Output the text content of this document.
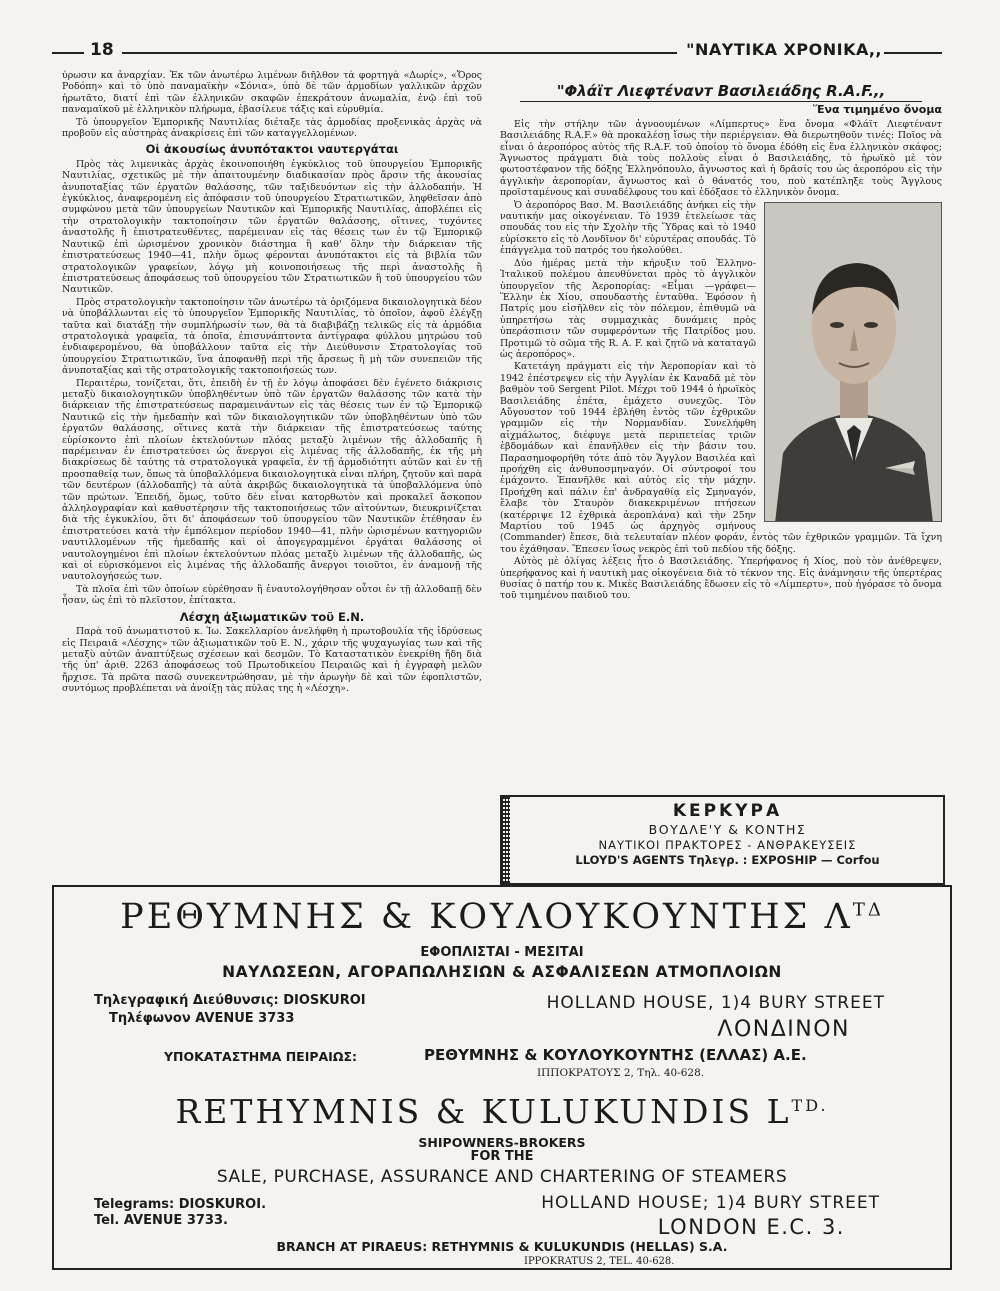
18	"ΝΑΥΤΙΚΑ ΧΡΟΝΙΚΑ,,

ύρωσιν κα ἀναρχίαν. Ἐκ τῶν ἀνωτέρω λιμένων διῆλθον τὰ φορτηγὰ «Δωρίς», «Ὄρος Ροδόπη» καὶ τὸ ὑπὸ παναμαϊκὴν «Σόνια», ὑπὸ δὲ τῶν ἁρμοδίων γαλλικῶν ἀρχῶν ἠρωτᾶτο, διατί ἐπὶ τῶν ἑλληνικῶν σκαφῶν ἐπεκράτουν ἀνωμαλία, ἐνῷ ἐπὶ τοῦ παναμαϊκοῦ μὲ ἑλληνικὸν πλήρωμα, ἐβασίλευε τάξις καὶ εὐρυθμία.

Τὸ ὑπουργεῖον Ἐμπορικῆς Ναυτιλίας διέταξε τὰς ἁρμοδίας προξενικὰς ἀρχὰς νὰ προβοῦν εἰς αὐστηρὰς ἀνακρίσεις ἐπὶ τῶν καταγγελλομένων.

Οἱ ἀκουσίως ἀνυπότακτοι ναυτεργάται

Πρὸς τὰς λιμενικὰς ἀρχὰς ἐκοινοποιήθη ἐγκύκλιος τοῦ ὑπουργείου Ἐμπορικῆς Ναυτιλίας, σχετικῶς μὲ τὴν ἀπαιτουμένην διαδικασίαν πρὸς ἄρσιν τῆς ἀκουσίας ἀνυποταξίας τῶν ἐργατῶν θαλάσσης, τῶν ταξιδευόντων εἰς τὴν ἀλλοδαπήν. Ἡ ἐγκύκλιος, ἀναφερομένη εἰς ἀπόφασιν τοῦ ὑπουργείου Στρατιωτικῶν, ληφθεῖσαν ἀπὸ συμφώνου μετὰ τῶν ὑπουργείων Ναυτικῶν καὶ Ἐμπορικῆς Ναυτιλίας, ἀποβλέπει εἰς τὴν στρατολογικὴν τακτοποίησιν τῶν ἐργατῶν θαλάσσης, οἵτινες, τυχόντες ἀναστολῆς ἢ ἐπιστρατευθέντες, παρέμειναν εἰς τὰς θέσεις των ἐν τῷ Ἐμπορικῷ Ναυτικῷ ἐπὶ ὡρισμένον χρονικὸν διάστημα ἢ καθ' ὅλην τὴν διάρκειαν τῆς ἐπιστρατεύσεως 1940—41, πλὴν ὅμως φέρονται ἀνυπότακτοι εἰς τὰ βιβλία τῶν στρατολογικῶν γραφείων, λόγῳ μὴ κοινοποιήσεως τῆς περὶ ἀναστολῆς ἢ ἐπιστρατεύσεως ἀποφάσεως τοῦ ὑπουργείου τῶν Στρατιωτικῶν ἢ τοῦ ὑπουργείου τῶν Ναυτικῶν.

Πρὸς στρατολογικὴν τακτοποίησιν τῶν ἀνωτέρω τὰ ὁριζόμενα δικαιολογητικὰ δέον νὰ ὑποβάλλωνται εἰς τὸ ὑπουργεῖον Ἐμπορικῆς Ναυτιλίας, τὸ ὁποῖον, ἀφοῦ ἐλέγξῃ ταῦτα καὶ διατάξῃ τὴν συμπλήρωσίν των, θὰ τὰ διαβιβάζῃ τελικῶς εἰς τὰ ἁρμόδια στρατολογικὰ γραφεῖα, τὰ ὁποῖα, ἐπισυνάπτοντα ἀντίγραφα φύλλου μητρώου τοῦ ἐνδιαφερομένου, θὰ ὑποβάλλουν ταῦτα εἰς τὴν Διεύθυνσιν Στρατολογίας τοῦ ὑπουργείου Στρατιωτικῶν, ἵνα ἀποφανθῇ περὶ τῆς ἄρσεως ἢ μὴ τῶν συνεπειῶν τῆς ἀνυποταξίας καὶ τῆς στρατολογικῆς τακτοποιήσεώς των.

Περαιτέρω, τονίζεται, ὅτι, ἐπειδὴ ἐν τῇ ἐν λόγῳ ἀποφάσει δὲν ἐγένετο διάκρισις μεταξὺ δικαιολογητικῶν ὑποβληθέντων ὑπὸ τῶν ἐργατῶν θαλάσσης τῶν κατὰ τὴν διάρκειαν τῆς ἐπιστρατεύσεως παραμεινάντων εἰς τὰς θέσεις των ἐν τῷ Ἐμπορικῷ Ναυτικῷ εἰς τὴν ἡμεδαπὴν καὶ τῶν δικαιολογητικῶν τῶν ὑποβληθέντων ὑπὸ τῶν ἐργατῶν θαλάσσης, οἵτινες κατὰ τὴν διάρκειαν τῆς ἐπιστρατεύσεως ταύτης εὑρίσκοντο ἐπὶ πλοίων ἐκτελούντων πλόας μεταξὺ λιμένων τῆς ἀλλοδαπῆς ἢ παρέμειναν ἐν ἐπιστρατεύσει ὡς ἄνεργοι εἰς λιμένας τῆς ἀλλοδαπῆς, ἐκ τῆς μὴ διακρίσεως δὲ ταύτης τὰ στρατολογικὰ γραφεῖα, ἐν τῇ ἁρμοδιότητι αὐτῶν καὶ ἐν τῇ προσπαθείᾳ των, ὅπως τὰ ὑποβαλλόμενα δικαιολογητικὰ εἶναι πλήρη, ζητοῦν καὶ παρὰ τῶν δευτέρων (ἀλλοδαπῆς) τὰ αὐτὰ ἀκριβῶς δικαιολογητικὰ τὰ ὑποβαλλόμενα ὑπὸ τῶν πρώτων. Ἐπειδή, ὅμως, τοῦτο δὲν εἶναι κατορθωτὸν καὶ προκαλεῖ ἄσκοπον ἀλληλογραφίαν καὶ καθυστέρησιν τῆς τακτοποιήσεως τῶν αἰτούντων, διευκρινίζεται διὰ τῆς ἐγκυκλίου, ὅτι δι' ἀποφάσεων τοῦ ὑπουργείου τῶν Ναυτικῶν ἐτέθησαν ἐν ἐπιστρατεύσει κατὰ τὴν ἐμπόλεμον περίοδον 1940—41, πλὴν ὡρισμένων κατηγοριῶν ναυτιλλομένων τῆς ἡμεδαπῆς καὶ οἱ ἀπογεγραμμένοι ἐργάται θαλάσσης οἱ ναυτολογημένοι ἐπὶ πλοίων ἐκτελούντων πλόας μεταξὺ λιμένων τῆς ἀλλοδαπῆς, ὡς καὶ οἱ εὑρισκόμενοι εἰς λιμένας τῆς ἀλλοδαπῆς ἄνεργοι τοιοῦτοι, ἐν ἀναμονῇ τῆς ναυτολογήσεώς των.

Τὰ πλοῖα ἐπὶ τῶν ὁποίων εὑρέθησαν ἢ ἐναυτολογήθησαν οὗτοι ἐν τῇ ἀλλοδαπῇ δὲν ἦσαν, ὡς ἐπὶ τὸ πλεῖστον, ἐπίτακτα.

Λέσχη ἀξιωματικῶν τοῦ Ε.Ν.

Παρὰ τοῦ ἀνωματιστοῦ κ. Ἰω. Σακελλαρίου ἀνελήφθη ἡ πρωτοβουλία τῆς ἱδρύσεως εἰς Πειραιᾶ «Λέσχης» τῶν ἀξιωματικῶν τοῦ Ε. Ν., χάριν τῆς ψυχαγωγίας των καὶ τῆς μεταξὺ αὐτῶν ἀναπτύξεως σχέσεων καὶ δεσμῶν. Τὸ Καταστατικὸν ἐνεκρίθη ἤδη διὰ τῆς ὑπ' ἀριθ. 2263 ἀποφάσεως τοῦ Πρωτοδικείου Πειραιῶς καὶ ἡ ἐγγραφὴ μελῶν ἤρχισε. Τὰ πρῶτα πασῶ συνεκεντρώθησαν, μὲ τὴν ἀρωγὴν δὲ καὶ τῶν ἐφοπλιστῶν, συντόμως προβλέπεται νὰ ἀνοίξῃ τὰς πύλας της ἡ «Λέσχη».

"Φλάϊτ Λιεφτένανт Βασιλειάδης R.A.F.,,
Ἕνα τιμημένο ὄνομα

Εἰς τὴν στήλην τῶν ἀγνοουμένων «Λίμπερτυς» ἕνα ὄνομα «Φλάϊτ Λιεφτένανт Βασιλειάδης R.A.F.» θὰ προκαλέσῃ ἴσως τὴν περιέργειαν. Θὰ διερωτηθοῦν τινές: Ποῖος νὰ εἶναι ὁ ἀεροπόρος αὐτὸς τῆς R.A.F. τοῦ ὁποίου τὸ ὄνομα ἐδόθη εἰς ἕνα ἑλληνικὸν σκάφος; Ἄγνωστος πράγματι διὰ τοὺς πολλοὺς εἶναι ὁ Βασιλειάδης, τὸ ἡρωϊκὸ μὲ τὸν φωτοστέφανον τῆς δόξης Ἑλληνόπουλο, ἄγνωστος καὶ ἡ δρᾶσίς του ὡς ἀεροπόρου εἰς τὴν ἀγγλικὴν ἀεροπορίαν, ἄγνωστος καὶ ὁ θάνατός του, ποὺ κατέπληξε τοὺς Ἄγγλους προϊσταμένους καὶ συναδέλφους του καὶ ἐδόξασε τὸ ἑλληνικὸν ὄνομα.

Ὁ ἀεροπόρος Βασ. Μ. Βασιλειάδης ἀνήκει εἰς τὴν ναυτικήν μας οἰκογένειαν. Τὸ 1939 ἐτελείωσε τὰς σπουδάς του εἰς τὴν Σχολὴν τῆς Ὕδρας καὶ τὸ 1940 εὑρίσκετο εἰς τὸ Λονδῖνον δι' εὐρυτέρας σπουδάς. Τὸ ἐπάγγελμα τοῦ πατρός του ἠκολούθει.

Δύο ἡμέρας μετὰ τὴν κήρυξιν τοῦ Ἑλληνο-Ἰταλικοῦ πολέμου ἀπευθύνεται πρὸς τὸ ἀγγλικὸν ὑπουργεῖον τῆς Ἀεροπορίας: «Εἶμαι —γράφει— Ἕλλην ἐκ Χίου, σπουδαστὴς ἐνταῦθα. Ἐφόσον ἡ Πατρίς μου εἰσῆλθεν εἰς τὸν πόλεμον, ἐπιθυμῶ νὰ ὑπηρετήσω τὰς συμμαχικὰς δυνάμεις πρὸς ὑπεράσπισιν τῶν συμφερόντων τῆς Πατρίδος μου. Προτιμῶ τὸ σῶμα τῆς R. A. F. καὶ ζητῶ νὰ καταταγῶ ὡς ἀεροπόρος».

Κατετάγη πράγματι εἰς τὴν Ἀεροπορίαν καὶ τὸ 1942 ἐπέστρεψεν εἰς τὴν Ἀγγλίαν ἐκ Καναδᾶ μὲ τὸν βαθμὸν τοῦ Sergent Pilot. Μέχρι τοῦ 1944 ὁ ἡρωϊκὸς Βασιλειάδης ἐπέτα, ἐμάχετο συνεχῶς. Τὸν Αὔγουστον τοῦ 1944 ἐβλήθη ἐντὸς τῶν ἐχθρικῶν γραμμῶν εἰς τὴν Νορμανδίαν. Συνελήφθη αἰχμάλωτος, διέφυγε μετὰ περιπετείας τριῶν ἑβδομάδων καὶ ἐπανῆλθεν εἰς τὴν βάσιν του. Παρασημοφορήθη τότε ἀπὸ τὸν Ἄγγλον Βασιλέα καὶ προήχθη εἰς ἀνθυποσμηναγόν. Οἱ σύντροφοί του ἐμάχοντο. Ἐπανῆλθε καὶ αὐτὸς εἰς τὴν μάχην. Προήχθη καὶ πάλιν ἐπ' ἀνδραγαθίᾳ εἰς Σμηναγόν, ἔλαβε τὸν Σταυρὸν διακεκριμένων πτήσεων (κατέρριψε 12 ἐχθρικὰ ἀεροπλάνα) καὶ τὴν 25ην Μαρτίου τοῦ 1945 ὡς ἀρχηγὸς σμήνους (Commander) ἔπεσε, διὰ τελευταίαν πλέον φοράν, ἐντὸς τῶν ἐχθρικῶν γραμμῶν. Τὰ ἴχνη του ἐχάθησαν. Ἔπεσεν ἴσως νεκρὸς ἐπὶ τοῦ πεδίου τῆς δόξης.

Αὐτὸς μὲ ὀλίγας λέξεις ἦτο ὁ Βασιλειάδης. Ὑπερήφανος ἡ Χίος, ποὺ τὸν ἀνέθρεψεν, ὑπερήφανος καὶ ἡ ναυτικὴ μας οἰκογένεια διὰ τὸ τέκνον της. Εἰς ἀνάμνησιν τῆς ὑπερτέρας θυσίας ὁ πατήρ του κ. Μικὲς Βασιλειάδης ἔδωσεν εἰς τὸ «Λίμπερτυ», ποὺ ἠγόρασε τὸ ὄνομα τοῦ τιμημένου παιδιοῦ του.

ΚΕΡΚΥΡΑ
ΒΟΥΔΛΕ'Υ & ΚΟΝΤΗΣ
ΝΑΥΤΙΚΟΙ ΠΡΑΚΤΟΡΕΣ - ΑΝΘΡΑΚΕΥΣΕΙΣ
LLOYD'S AGENTS Τηλεγρ. : EXPOSHIP — Corfou
ΡΕΘΥΜΝΗΣ & ΚΟΥΛΟΥΚΟΥΝΤΗΣ $\Lambda^{T\Delta}$
ΕΦΟΠΛΙΣΤΑΙ - ΜΕΣΙΤΑΙ
ΝΑΥΛΩΣΕΩΝ, ΑΓΟΡΑΠΩΛΗΣΙΩΝ & ΑΣΦΑΛΙΣΕΩΝ ΑΤΜΟΠΛΟΙΩΝ
Τηλεγραφική Διεύθυνσις: DIOSKUROI
Τηλέφωνον AVENUE 3733
HOLLAND HOUSE, 1)4 BURY STREET
ΛΟΝΔΙΝΟΝ
ΥΠΟΚΑΤΑΣΤΗΜΑ ΠΕΙΡΑΙΩΣ:	ΡΕΘΥΜΝΗΣ & ΚΟΥΛΟΥΚΟΥΝΤΗΣ (ΕΛΛΑΣ) Α.Ε.
ΙΠΠΟΚΡΑΤΟΥΣ 2, Τηλ. 40-628.
RETHYMNIS & KULUKUNDIS $L^{TD.}$
SHIPOWNERS-BROKERS
FOR THE
SALE, PURCHASE, ASSURANCE AND CHARTERING OF STEAMERS
Telegrams: DIOSKUROI.
Tel. AVENUE 3733.
HOLLAND HOUSE; 1)4 BURY STREET
LONDON E.C. 3.
BRANCH AT PIRAEUS: RETHYMNIS & KULUKUNDIS (HELLAS) S.A.
IPPOKRATUS 2, TEL. 40-628.
